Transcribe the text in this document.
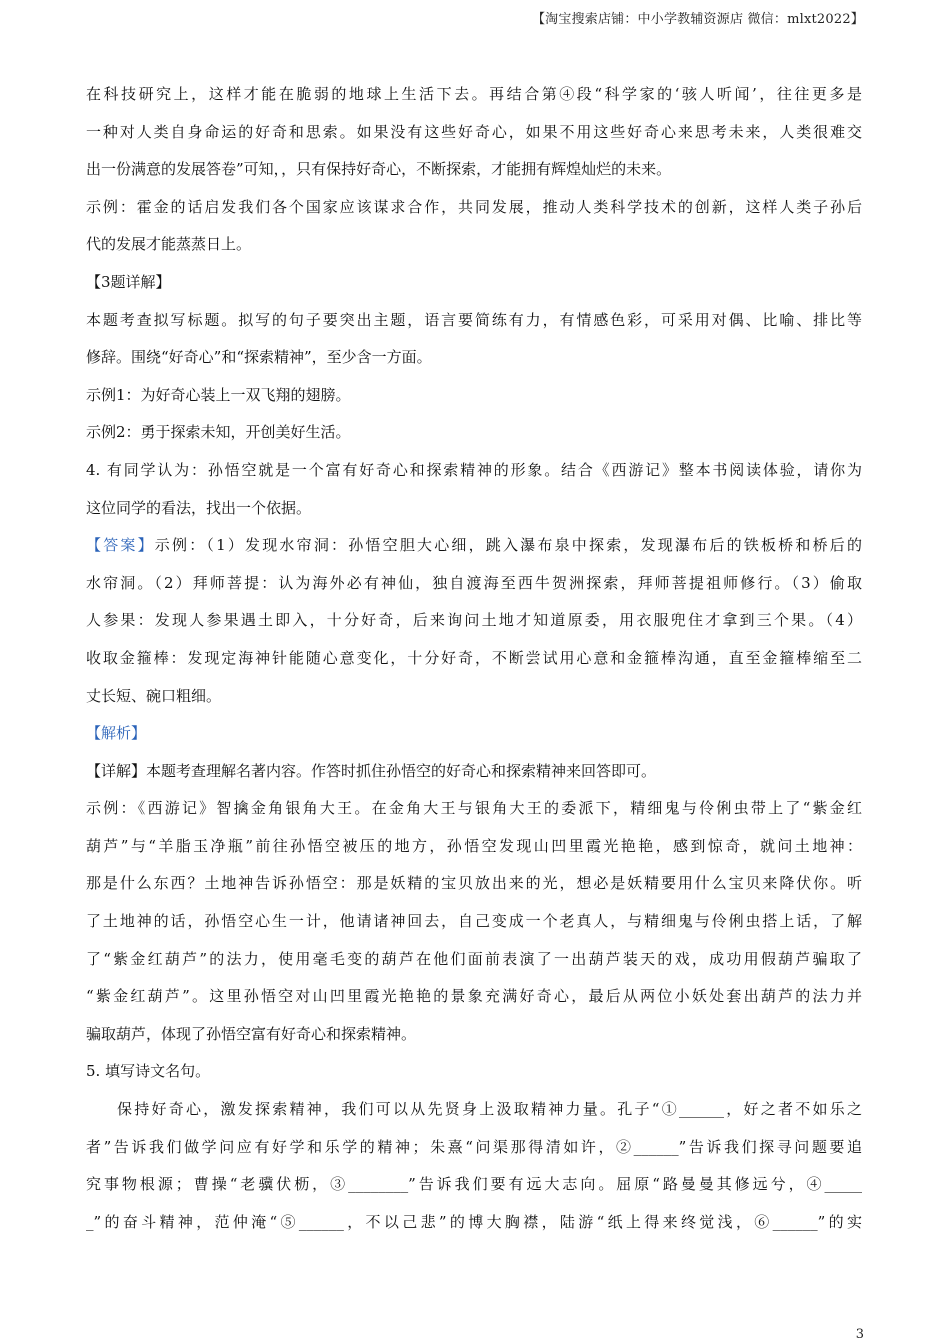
【淘宝搜索店铺：中小学教辅资源店 微信：mlxt2022】
在科技研究上，这样才能在脆弱的地球上生活下去。再结合第④段“科学家的‘骇人听闻’，往往更多是
一种对人类自身命运的好奇和思索。如果没有这些好奇心，如果不用这些好奇心来思考未来，人类很难交
出一份满意的发展答卷”可知，，只有保持好奇心，不断探索，才能拥有辉煌灿烂的未来。
示例：霍金的话启发我们各个国家应该谋求合作，共同发展，推动人类科学技术的创新，这样人类子孙后
代的发展才能蒸蒸日上。
【3题详解】
本题考查拟写标题。拟写的句子要突出主题，语言要简练有力，有情感色彩，可采用对偶、比喻、排比等
修辞。围绕“好奇心”和“探索精神”，至少含一方面。
示例1：为好奇心装上一双飞翔的翅膀。
示例2：勇于探索未知，开创美好生活。
4. 有同学认为：孙悟空就是一个富有好奇心和探索精神的形象。结合《西游记》整本书阅读体验，请你为
这位同学的看法，找出一个依据。
【答案】示例：（1）发现水帘洞：孙悟空胆大心细，跳入瀑布泉中探索，发现瀑布后的铁板桥和桥后的
水帘洞。（2）拜师菩提：认为海外必有神仙，独自渡海至西牛贺洲探索，拜师菩提祖师修行。（3）偷取
人参果：发现人参果遇土即入，十分好奇，后来询问土地才知道原委，用衣服兜住才拿到三个果。（4）
收取金箍棒：发现定海神针能随心意变化，十分好奇，不断尝试用心意和金箍棒沟通，直至金箍棒缩至二
丈长短、碗口粗细。
【解析】
【详解】本题考查理解名著内容。作答时抓住孙悟空的好奇心和探索精神来回答即可。
示例：《西游记》智擒金角银角大王。在金角大王与银角大王的委派下，精细鬼与伶俐虫带上了“紫金红
葫芦”与“羊脂玉净瓶”前往孙悟空被压的地方，孙悟空发现山凹里霞光艳艳，感到惊奇，就问土地神：
那是什么东西？土地神告诉孙悟空：那是妖精的宝贝放出来的光，想必是妖精要用什么宝贝来降伏你。听
了土地神的话，孙悟空心生一计，他请诸神回去，自己变成一个老真人，与精细鬼与伶俐虫搭上话，了解
了“紫金红葫芦”的法力，使用毫毛变的葫芦在他们面前表演了一出葫芦装天的戏，成功用假葫芦骗取了
“紫金红葫芦”。这里孙悟空对山凹里霞光艳艳的景象充满好奇心，最后从两位小妖处套出葫芦的法力并
骗取葫芦，体现了孙悟空富有好奇心和探索精神。
5. 填写诗文名句。
保持好奇心，激发探索精神，我们可以从先贤身上汲取精神力量。孔子“①______，好之者不如乐之
者”告诉我们做学问应有好学和乐学的精神；朱熹“问渠那得清如许，②______”告诉我们探寻问题要追
究事物根源；曹操“老骥伏枥，③________”告诉我们要有远大志向。屈原“路曼曼其修远兮，④_____
_”的奋斗精神，范仲淹“⑤______，不以己悲”的博大胸襟，陆游“纸上得来终觉浅，⑥______”的实
3
